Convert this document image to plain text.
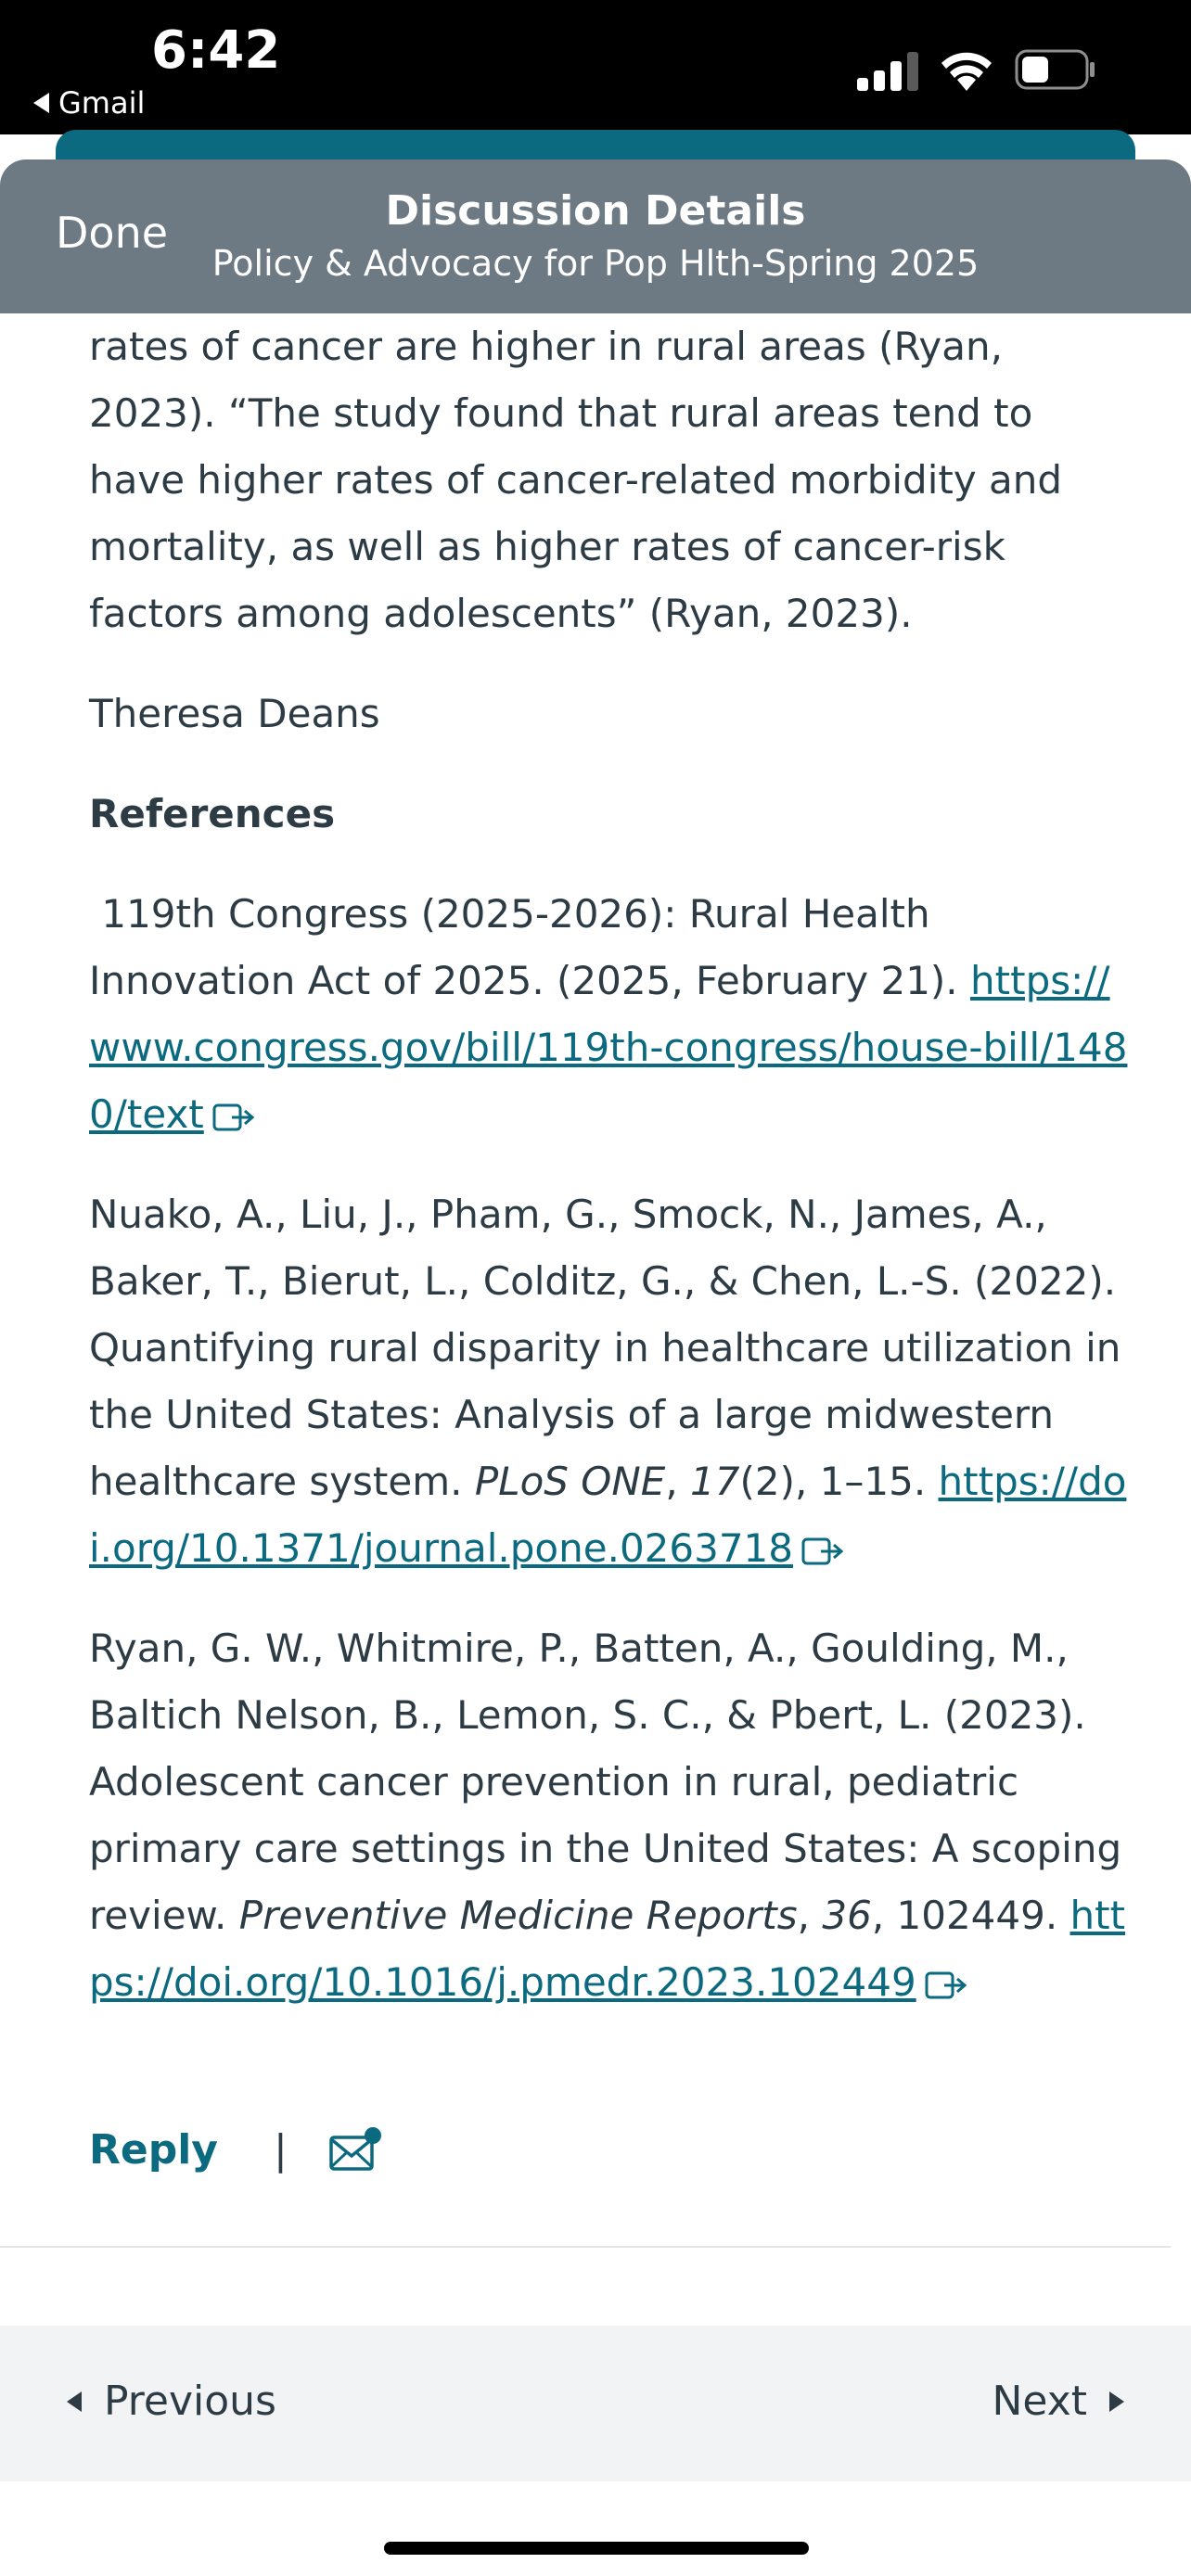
6:42
Gmail
Done	Discussion Details
Policy & Advocacy for Pop Hlth-Spring 2025

rates of cancer are higher in rural areas (Ryan, 2023). “The study found that rural areas tend to have higher rates of cancer-related morbidity and mortality, as well as higher rates of cancer-risk factors among adolescents” (Ryan, 2023).

Theresa Deans

References

119th Congress (2025-2026): Rural Health Innovation Act of 2025. (2025, February 21). https://www.congress.gov/bill/119th-congress/house-bill/1480/text

Nuako, A., Liu, J., Pham, G., Smock, N., James, A., Baker, T., Bierut, L., Colditz, G., & Chen, L.-S. (2022). Quantifying rural disparity in healthcare utilization in the United States: Analysis of a large midwestern healthcare system. PLoS ONE, 17(2), 1–15. https://doi.org/10.1371/journal.pone.0263718

Ryan, G. W., Whitmire, P., Batten, A., Goulding, M., Baltich Nelson, B., Lemon, S. C., & Pbert, L. (2023). Adolescent cancer prevention in rural, pediatric primary care settings in the United States: A scoping review. Preventive Medicine Reports, 36, 102449. https://doi.org/10.1016/j.pmedr.2023.102449

Reply |
Previous	Next
